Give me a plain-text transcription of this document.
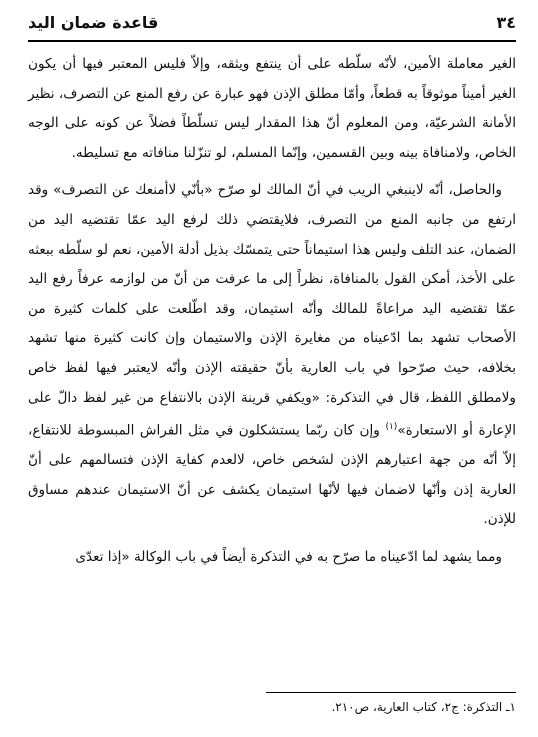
٣٤
قاعدة ضمان اليد

الغير معاملة الأمين، لأنّه سلّطه على أن ينتفع ويثقه، وإلاّ فليس المعتبر فيها أن يكون الغير أميناً موثوقاً به قطعاً، وأمّا مطلق الإذن فهو عبارة عن رفع المنع عن التصرف، نظير الأمانة الشرعيّة، ومن المعلوم أنّ هذا المقدار ليس تسلّطاً فضلاً عن كونه على الوجه الخاص، ولامنافاة بينه وبين القسمين، وإنّما المسلم، لو تنزّلنا منافاته مع تسليطه.

والحاصل، أنّه لاينبغي الريب في أنّ المالك لو صرّح «بأنّي لاأمنعك عن التصرف» وقد ارتفع من جانبه المنع من التصرف، فلايقتضي ذلك لرفع اليد عمّا تقتضيه اليد من الضمان، عند التلف وليس هذا استيماناً حتى يتمسّك بذيل أدلة الأمين، نعم لو سلّطه ببعثه على الأخذ، أمكن القول بالمنافاة، نظراً إلى ما عرفت من أنّ من لوازمه عرفاً رفع اليد عمّا تقتضيه اليد مراعاةً للمالك وأنّه استيمان، وقد اطّلعت على كلمات كثيرة من الأصحاب تشهد بما ادّعيناه من مغايرة الإذن والاستيمان وإن كانت كثيرة منها تشهد بخلافه، حيث صرّحوا في باب العارية بأنّ حقيقته الإذن وأنّه لايعتبر فيها لفظ خاص ولامطلق اللفظ، قال في التذكرة: «ويكفي قرينة الإذن بالانتفاع من غير لفظ دالّ على الإعارة أو الاستعارة»$^{(١)}$ وإن كان ربّما يستشكلون في مثل الفراش المبسوطة للانتفاع، إلاّ أنّه من جهة اعتبارهم الإذن لشخص خاص، لالعدم كفاية الإذن فتسالمهم على أنّ العارية إذن وأنّها لاضمان فيها لأنّها استيمان يكشف عن أنّ الاستيمان عندهم مساوق للإذن.

ومما يشهد لما ادّعيناه ما صرّح به في التذكرة أيضاً في باب الوكالة «إذا تعدّى

١ـ التذكرة: ج٢، كتاب العارية، ص٢١٠.
